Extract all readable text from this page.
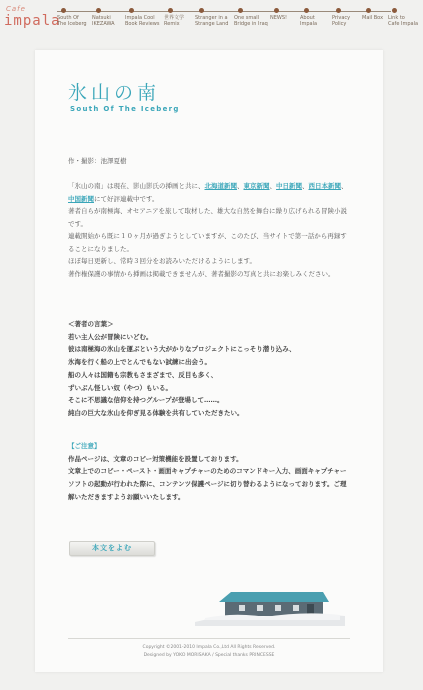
Cafe
impala
South Of
The Iceberg
Natsuki
IKEZAWA
Impala Cool
Book Reviews
世界文学
Remix
Stranger in a
Strange Land
One small
Bridge in Iraq
NEWS!	About
Impala
Privacy
Policy
Mail Box Link to
Cafe Impala
氷山の南
South Of The Iceberg
作・撮影：池澤夏樹

「氷山の南」は現在、影山影氏の挿画と共に、北海道新聞、東京新聞、中日新聞、西日本新聞、中国新聞にて好評連載中です。

著者自らが南極海、オセアニアを旅して取材した、雄大な自然を舞台に繰り広げられる冒険小説です。

連載開始から既に１０ヶ月が過ぎようとしていますが、このたび、当サイトで第一話から再録することになりました。

ほぼ毎日更新し、常時３回分をお読みいただけるようにします。

著作権保護の事情から挿画は掲載できませんが、著者撮影の写真と共にお楽しみください。

＜著者の言葉＞

若い主人公が冒険にいどむ。

彼は南極海の氷山を運ぶという大がかりなプロジェクトにこっそり潜り込み、

氷海を行く船の上でとんでもない試練に出会う。

船の人々は国籍も宗教もさまざまで、反目も多く、

ずいぶん怪しい奴（やつ）もいる。

そこに不思議な信仰を持つグループが登場して……。

純白の巨大な氷山を仰ぎ見る体験を共有していただきたい。

【ご注意】

作品ページは、文章のコピー対策機能を設置しております。

文章上でのコピー・ペースト・画面キャプチャーのためのコマンドキー入力、画面キャプチャーソフトの起動が行われた際に、コンテンツ保護ページに切り替わるようになっております。ご理解いただきますようお願いいたします。

本文をよむ
Copyright ©2001-2010 Impala Co.,Ltd All Rights Reserved.
Designed by YOKO MORISAKA / Special thanks PRINCESSE
